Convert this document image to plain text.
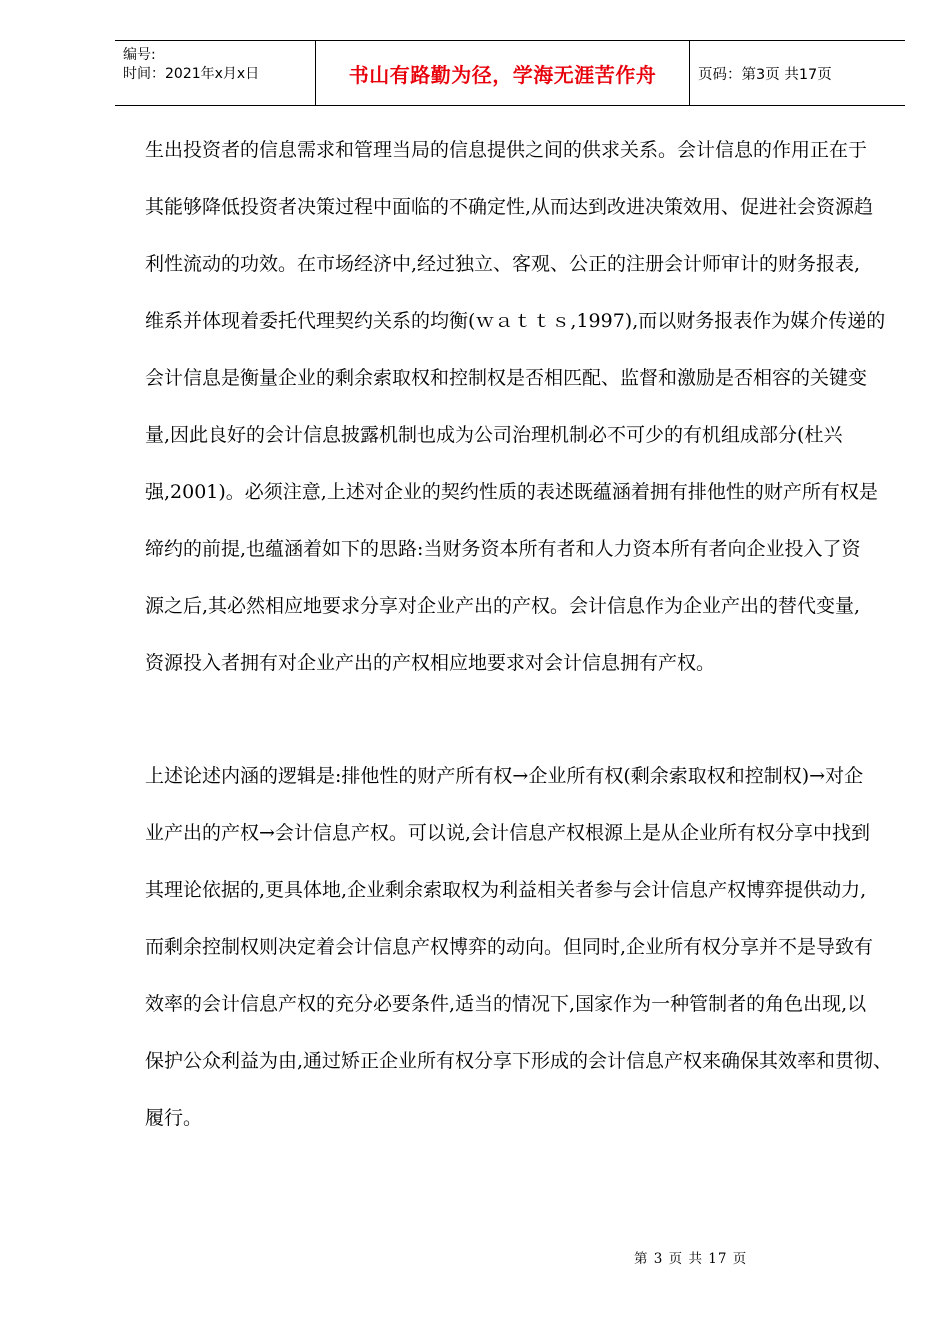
编号:
时间：2021年x月x日	书山有路勤为径，学海无涯苦作舟	页码：第3页 共17页
生出投资者的信息需求和管理当局的信息提供之间的供求关系。会计信息的作用正在于
其能够降低投资者决策过程中面临的不确定性,从而达到改进决策效用、促进社会资源趋
利性流动的功效。在市场经济中,经过独立、客观、公正的注册会计师审计的财务报表,
维系并体现着委托代理契约关系的均衡(ｗａｔｔｓ,1997),而以财务报表作为媒介传递的
会计信息是衡量企业的剩余索取权和控制权是否相匹配、监督和激励是否相容的关键变
量,因此良好的会计信息披露机制也成为公司治理机制必不可少的有机组成部分(杜兴
强,2001)。必须注意,上述对企业的契约性质的表述既蕴涵着拥有排他性的财产所有权是
缔约的前提,也蕴涵着如下的思路:当财务资本所有者和人力资本所有者向企业投入了资
源之后,其必然相应地要求分享对企业产出的产权。会计信息作为企业产出的替代变量,
资源投入者拥有对企业产出的产权相应地要求对会计信息拥有产权。
上述论述内涵的逻辑是:排他性的财产所有权→企业所有权(剩余索取权和控制权)→对企
业产出的产权→会计信息产权。可以说,会计信息产权根源上是从企业所有权分享中找到
其理论依据的,更具体地,企业剩余索取权为利益相关者参与会计信息产权博弈提供动力,
而剩余控制权则决定着会计信息产权博弈的动向。但同时,企业所有权分享并不是导致有
效率的会计信息产权的充分必要条件,适当的情况下,国家作为一种管制者的角色出现,以
保护公众利益为由,通过矫正企业所有权分享下形成的会计信息产权来确保其效率和贯彻、
履行。
第 3 页 共 17 页
